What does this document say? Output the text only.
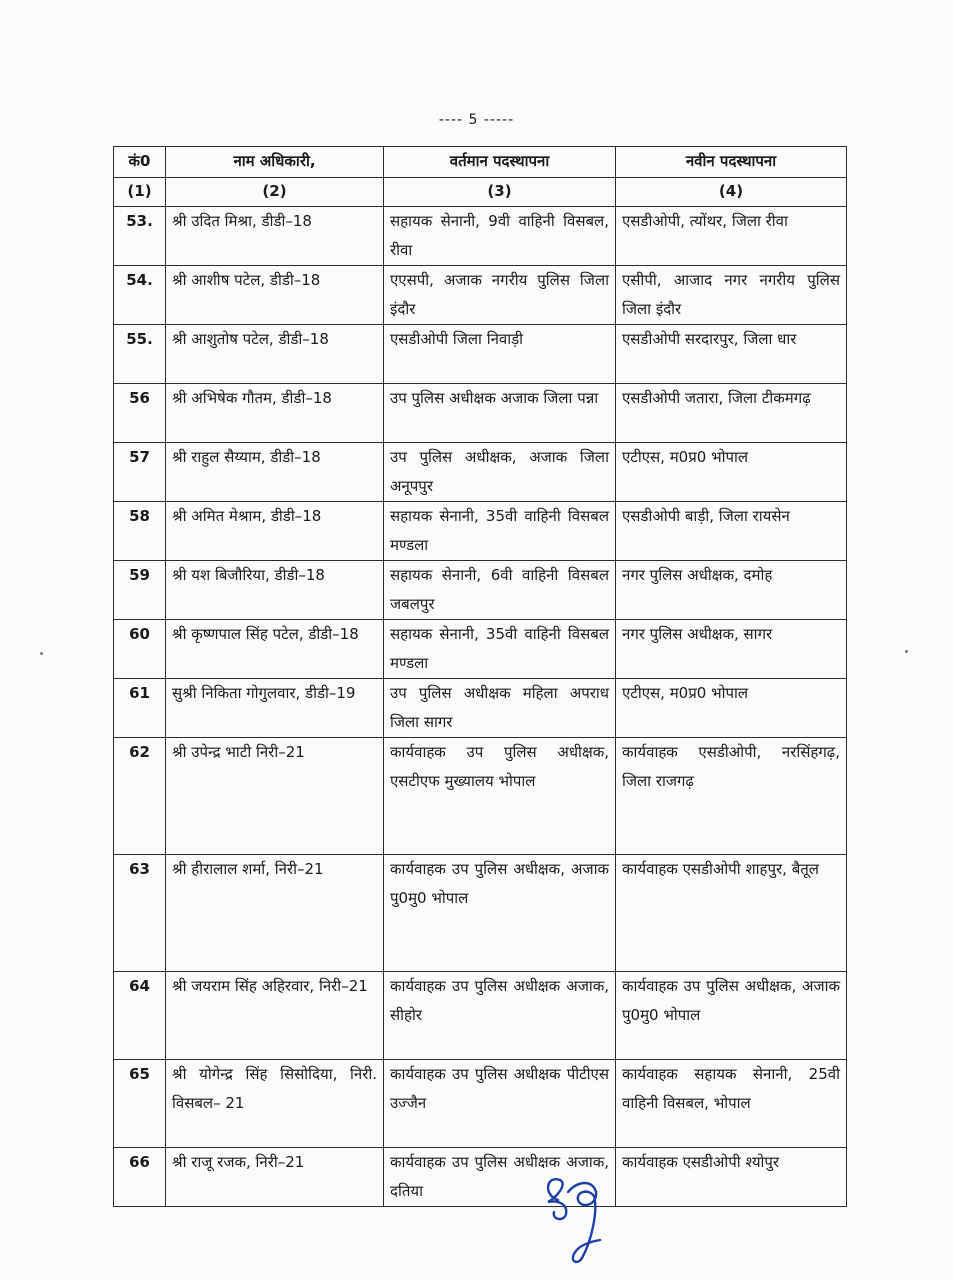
---- 5 -----
कं0	नाम अधिकारी,	वर्तमान पदस्थापना	नवीन पदस्थापना
(1)	(2)	(3)	(4)
53.	श्री उदित मिश्रा, डीडी–18	सहायक सेनानी, 9वी वाहिनी विसबल, रीवा	एसडीओपी, त्योंथर, जिला रीवा
54.	श्री आशीष पटेल, डीडी–18	एएसपी, अजाक नगरीय पुलिस जिला इंदौर	एसीपी, आजाद नगर नगरीय पुलिस जिला इंदौर
55.	श्री आशुतोष पटेल, डीडी–18	एसडीओपी जिला निवाड़ी	एसडीओपी सरदारपुर, जिला धार
56	श्री अभिषेक गौतम, डीडी–18	उप पुलिस अधीक्षक अजाक जिला पन्ना	एसडीओपी जतारा, जिला टीकमगढ़
57	श्री राहुल सैय्याम, डीडी–18	उप पुलिस अधीक्षक, अजाक जिला अनूपपुर	एटीएस, म0प्र0 भोपाल
58	श्री अमित मेश्राम, डीडी–18	सहायक सेनानी, 35वी वाहिनी विसबल मण्डला	एसडीओपी बाड़ी, जिला रायसेन
59	श्री यश बिजौरिया, डीडी–18	सहायक सेनानी, 6वी वाहिनी विसबल जबलपुर	नगर पुलिस अधीक्षक, दमोह
60	श्री कृष्णपाल सिंह पटेल, डीडी–18	सहायक सेनानी, 35वी वाहिनी विसबल मण्डला	नगर पुलिस अधीक्षक, सागर
61	सुश्री निकिता गोगुलवार, डीडी–19	उप पुलिस अधीक्षक महिला अपराध जिला सागर	एटीएस, म0प्र0 भोपाल
62	श्री उपेन्द्र भाटी निरी–21	कार्यवाहक उप पुलिस अधीक्षक, एसटीएफ मुख्यालय भोपाल	कार्यवाहक एसडीओपी, नरसिंहगढ़, जिला राजगढ़
63	श्री हीरालाल शर्मा, निरी–21	कार्यवाहक उप पुलिस अधीक्षक, अजाक पु0मु0 भोपाल	कार्यवाहक एसडीओपी शाहपुर, बैतूल
64	श्री जयराम सिंह अहिरवार, निरी–21	कार्यवाहक उप पुलिस अधीक्षक अजाक, सीहोर	कार्यवाहक उप पुलिस अधीक्षक, अजाक पु0मु0 भोपाल
65	श्री योगेन्द्र सिंह सिसोदिया, निरी. विसबल– 21	कार्यवाहक उप पुलिस अधीक्षक पीटीएस उज्जैन	कार्यवाहक सहायक सेनानी, 25वी वाहिनी विसबल, भोपाल
66	श्री राजू रजक, निरी–21	कार्यवाहक उप पुलिस अधीक्षक अजाक, दतिया	कार्यवाहक एसडीओपी श्योपुर
